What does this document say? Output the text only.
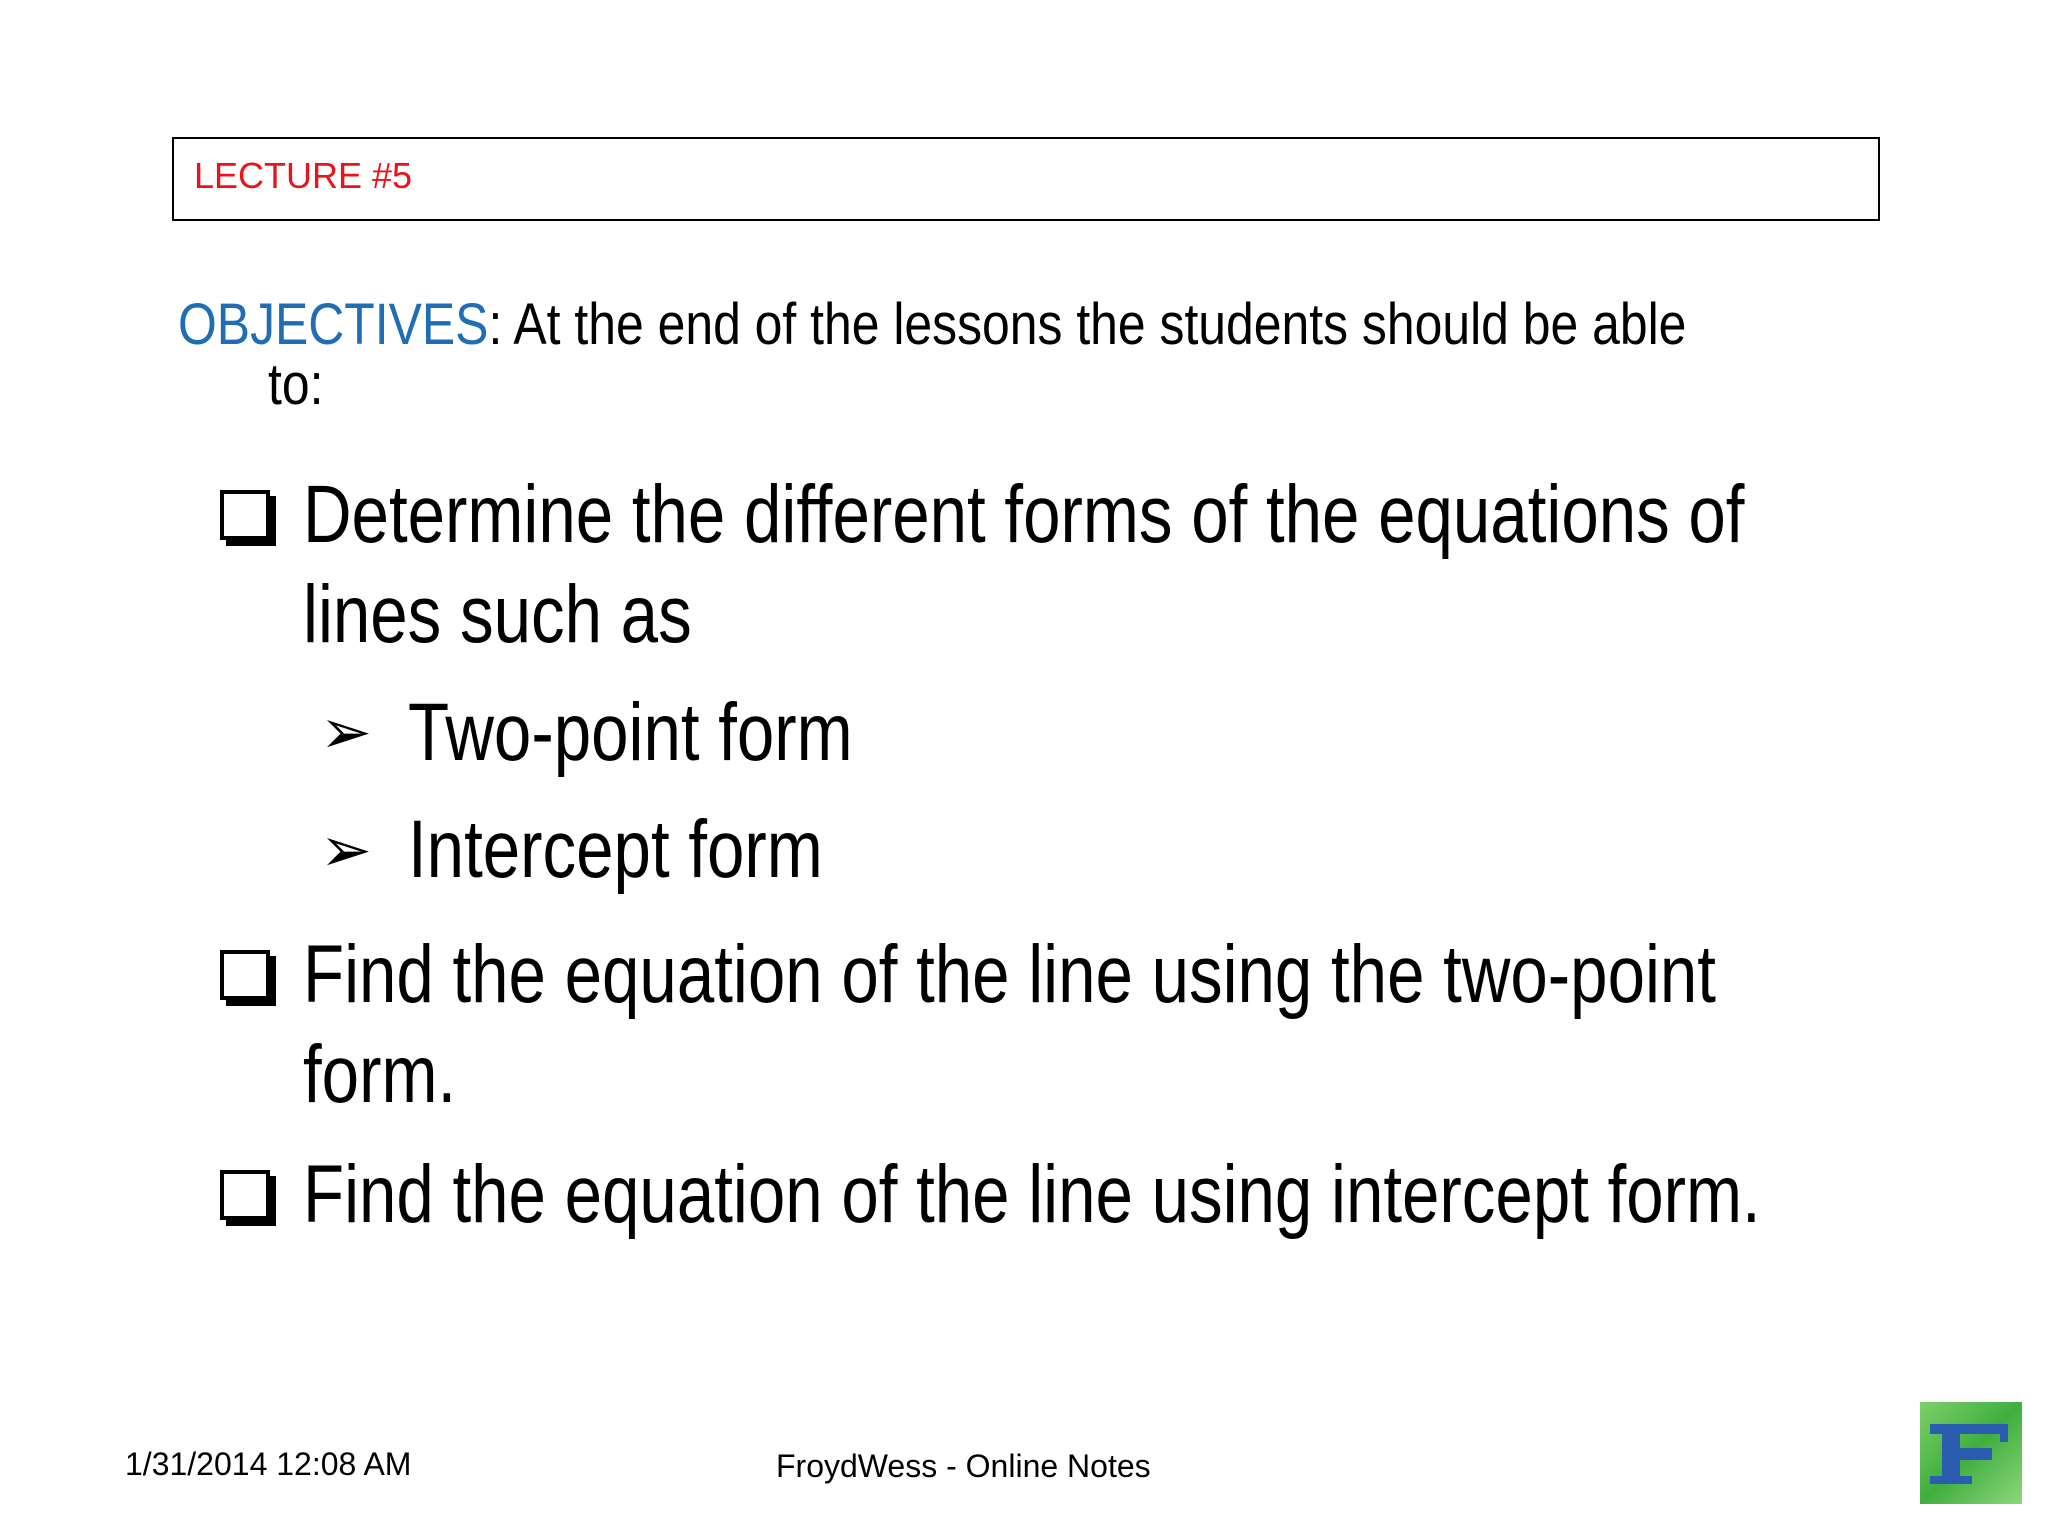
LECTURE #5
OBJECTIVES: At the end of the lessons the students should be able
to:
Determine the different forms of the equations of
lines such as
➢ Two-point form
➢ Intercept form
Find the equation of the line using the two-point
form.
Find the equation of the line using intercept form.
1/31/2014 12:08 AM	FroydWess - Online Notes
